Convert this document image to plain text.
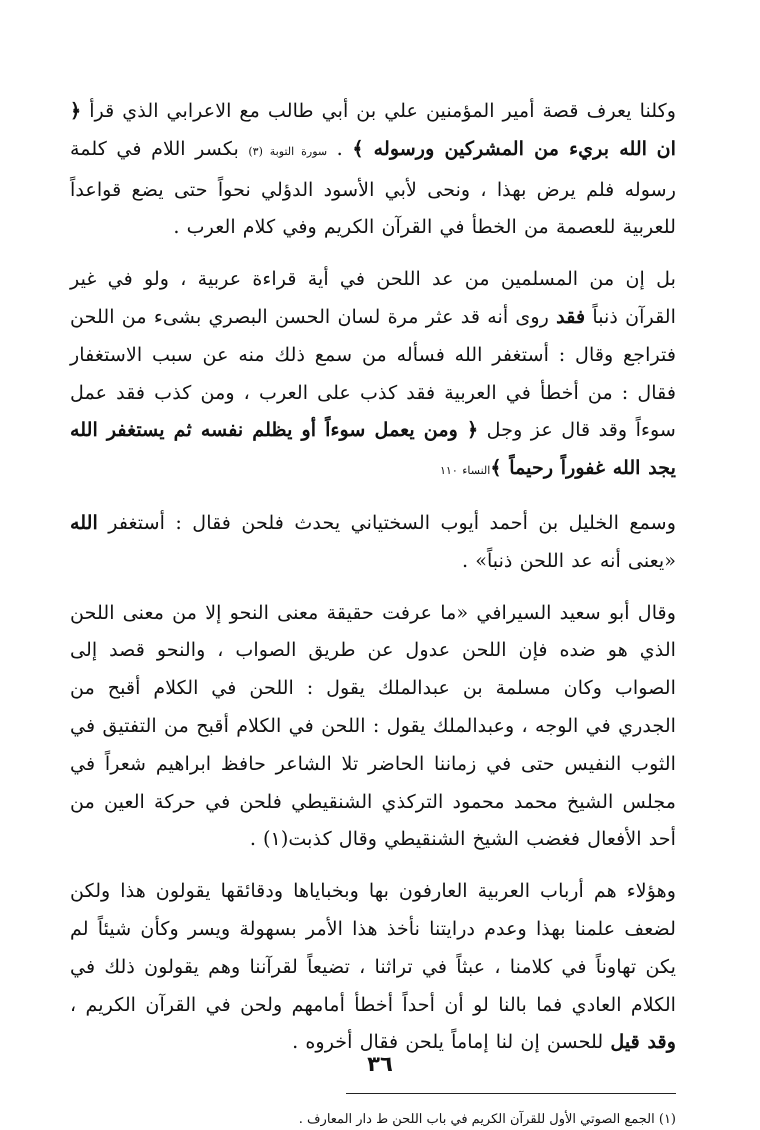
وكلنا يعرف قصة أمير المؤمنين علي بن أبي طالب مع الاعرابي الذي قرأ ﴿ ان الله بريء من المشركين ورسوله ﴾ . سورة التوبة (٣) بكسر اللام في كلمة رسوله فلم يرض بهذا ، ونحى لأبي الأسود الدؤلي نحواً حتى يضع قواعداً للعربية للعصمة من الخطأ في القرآن الكريم وفي كلام العرب .
بل إن من المسلمين من عد اللحن في أية قراءة عربية ، ولو في غير القرآن ذنباً فقد روى أنه قد عثر مرة لسان الحسن البصري بشىء من اللحن فتراجع وقال : أستغفر الله فسأله من سمع ذلك منه عن سبب الاستغفار فقال : من أخطأ في العربية فقد كذب على العرب ، ومن كذب فقد عمل سوءاً وقد قال عز وجل ﴿ ومن يعمل سوءاً أو يظلم نفسه ثم يستغفر الله يجد الله غفوراً رحيماً ﴾النساء ١١٠
وسمع الخليل بن أحمد أيوب السختياني يحدث فلحن فقال : أستغفر الله «يعنى أنه عد اللحن ذنباً» .
وقال أبو سعيد السيرافي «ما عرفت حقيقة معنى النحو إلا من معنى اللحن الذي هو ضده فإن اللحن عدول عن طريق الصواب ، والنحو قصد إلى الصواب وكان مسلمة بن عبدالملك يقول : اللحن في الكلام أقبح من الجدري في الوجه ، وعبدالملك يقول : اللحن في الكلام أقبح من التفتيق في الثوب النفيس حتى في زماننا الحاضر تلا الشاعر حافظ ابراهيم شعراً في مجلس الشيخ محمد محمود التركذي الشنقيطي فلحن في حركة العين من أحد الأفعال فغضب الشيخ الشنقيطي وقال كذبت(١) .
وهؤلاء هم أرباب العربية العارفون بها وبخباياها ودقائقها يقولون هذا ولكن لضعف علمنا بهذا وعدم درايتنا نأخذ هذا الأمر بسهولة ويسر وكأن شيئاً لم يكن تهاوناً في كلامنا ، عبثاً في تراثنا ، تضيعاً لقرآننا وهم يقولون ذلك في الكلام العادي فما بالنا لو أن أحداً أخطأ أمامهم ولحن في القرآن الكريم ، وقد قيل للحسن إن لنا إماماً يلحن فقال أخروه .
(١) الجمع الصوتي الأول للقرآن الكريم في باب اللحن ط دار المعارف .
٣٦
